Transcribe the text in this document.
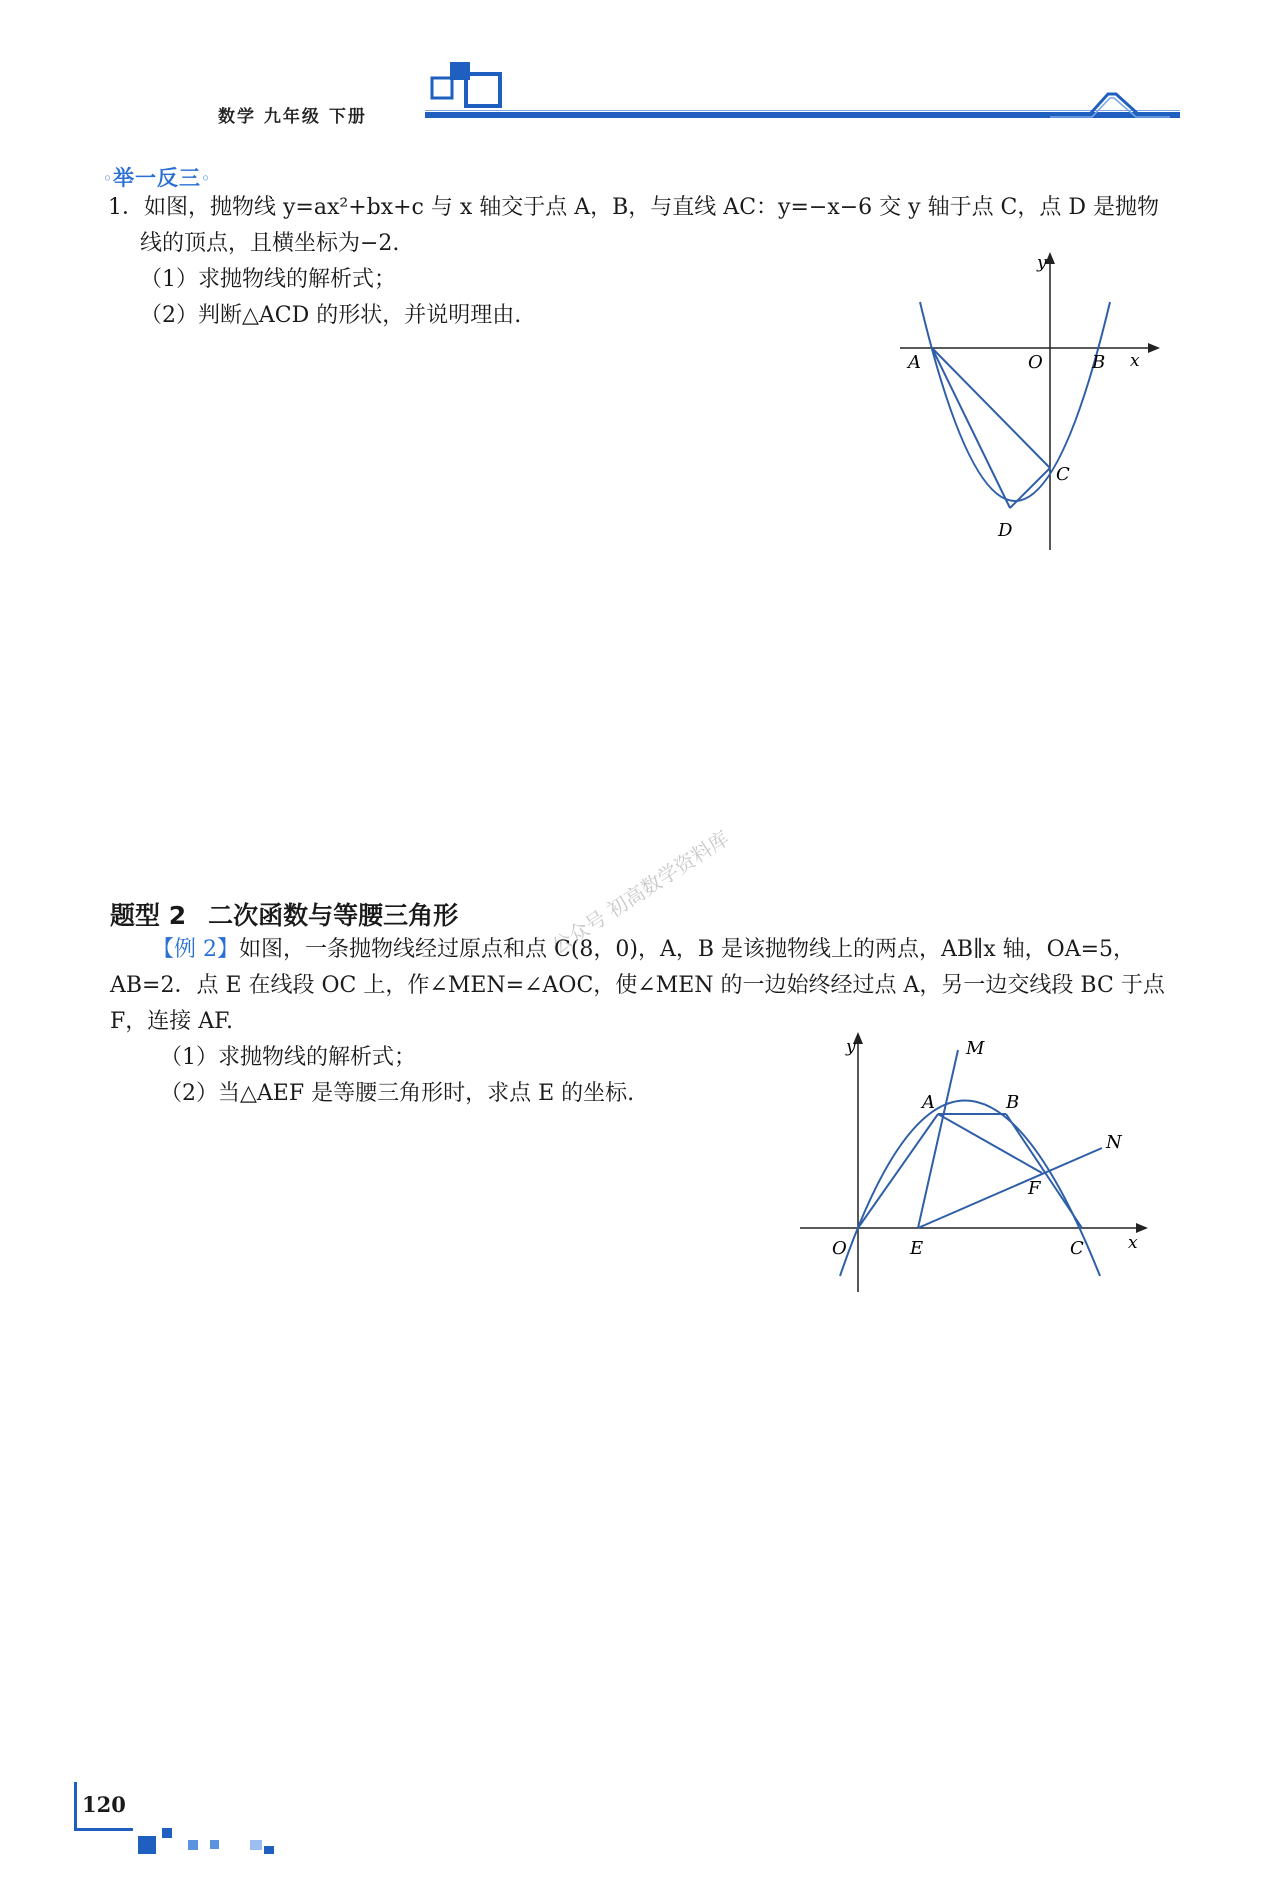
数学 九年级 下册
◦举一反三◦
1．如图，抛物线 y=ax²+bx+c 与 x 轴交于点 A，B，与直线 AC：y=−x−6 交 y 轴于点 C，点 D 是抛物
线的顶点，且横坐标为−2.
（1）求抛物线的解析式；
（2）判断△ACD 的形状，并说明理由.
y
x
A	O	B
C
D
题型 2 二次函数与等腰三角形
【例 2】如图，一条抛物线经过原点和点 C(8，0)，A，B 是该抛物线上的两点，AB∥x 轴，OA=5，
AB=2．点 E 在线段 OC 上，作∠MEN=∠AOC，使∠MEN 的一边始终经过点 A，另一边交线段 BC 于点
F，连接 AF.
（1）求抛物线的解析式；
（2）当△AEF 是等腰三角形时，求点 E 的坐标.
公众号 初高数学资料库
y
x
M
A	B
N
F
O	E	C
120
